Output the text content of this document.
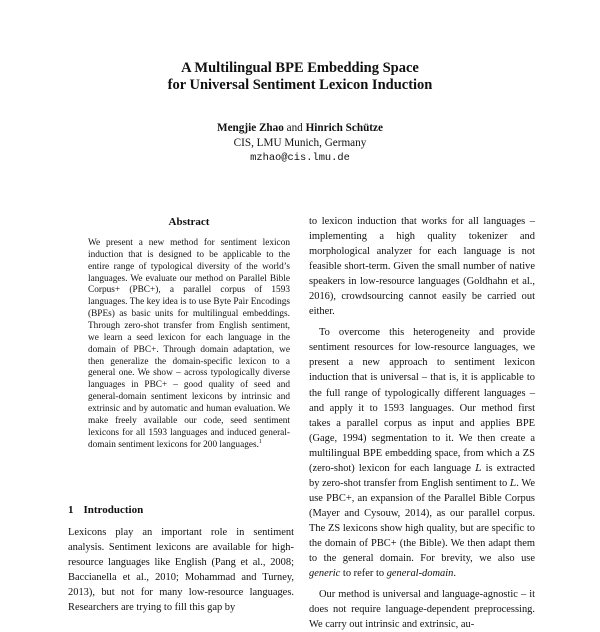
A Multilingual BPE Embedding Space
for Universal Sentiment Lexicon Induction
Mengjie Zhao and Hinrich Schütze
CIS, LMU Munich, Germany
mzhao@cis.lmu.de
Abstract

We present a new method for sentiment lexicon induction that is designed to be applicable to the entire range of typological diversity of the world’s languages. We evaluate our method on Parallel Bible Corpus+ (PBC+), a parallel corpus of 1593 languages. The key idea is to use Byte Pair Encodings (BPEs) as basic units for multilingual embeddings. Through zero-shot transfer from English sentiment, we learn a seed lexicon for each language in the domain of PBC+. Through domain adaptation, we then generalize the domain-specific lexicon to a general one. We show – across typologically diverse languages in PBC+ – good quality of seed and general-domain sentiment lexicons by intrinsic and extrinsic and by automatic and human evaluation. We make freely available our code, seed sentiment lexicons for all 1593 languages and induced general-domain sentiment lexicons for 200 languages.$^1$

1 Introduction

Lexicons play an important role in sentiment analysis. Sentiment lexicons are available for high-resource languages like English (Pang et al., 2008; Baccianella et al., 2010; Mohammad and Turney, 2013), but not for many low-resource languages. Researchers are trying to fill this gap by

to lexicon induction that works for all languages – implementing a high quality tokenizer and morphological analyzer for each language is not feasible short-term. Given the small number of native speakers in low-resource languages (Goldhahn et al., 2016), crowdsourcing cannot easily be carried out either.

To overcome this heterogeneity and provide sentiment resources for low-resource languages, we present a new approach to sentiment lexicon induction that is universal – that is, it is applicable to the full range of typologically different languages – and apply it to 1593 languages. Our method first takes a parallel corpus as input and applies BPE (Gage, 1994) segmentation to it. We then create a multilingual BPE embedding space, from which a ZS (zero-shot) lexicon for each language L is extracted by zero-shot transfer from English sentiment to L. We use PBC+, an expansion of the Parallel Bible Corpus (Mayer and Cysouw, 2014), as our parallel corpus. The ZS lexicons show high quality, but are specific to the domain of PBC+ (the Bible). We then adapt them to the general domain. For brevity, we also use generic to refer to general-domain.

Our method is universal and language-agnostic – it does not require language-dependent preprocessing. We carry out intrinsic and extrinsic, au-
